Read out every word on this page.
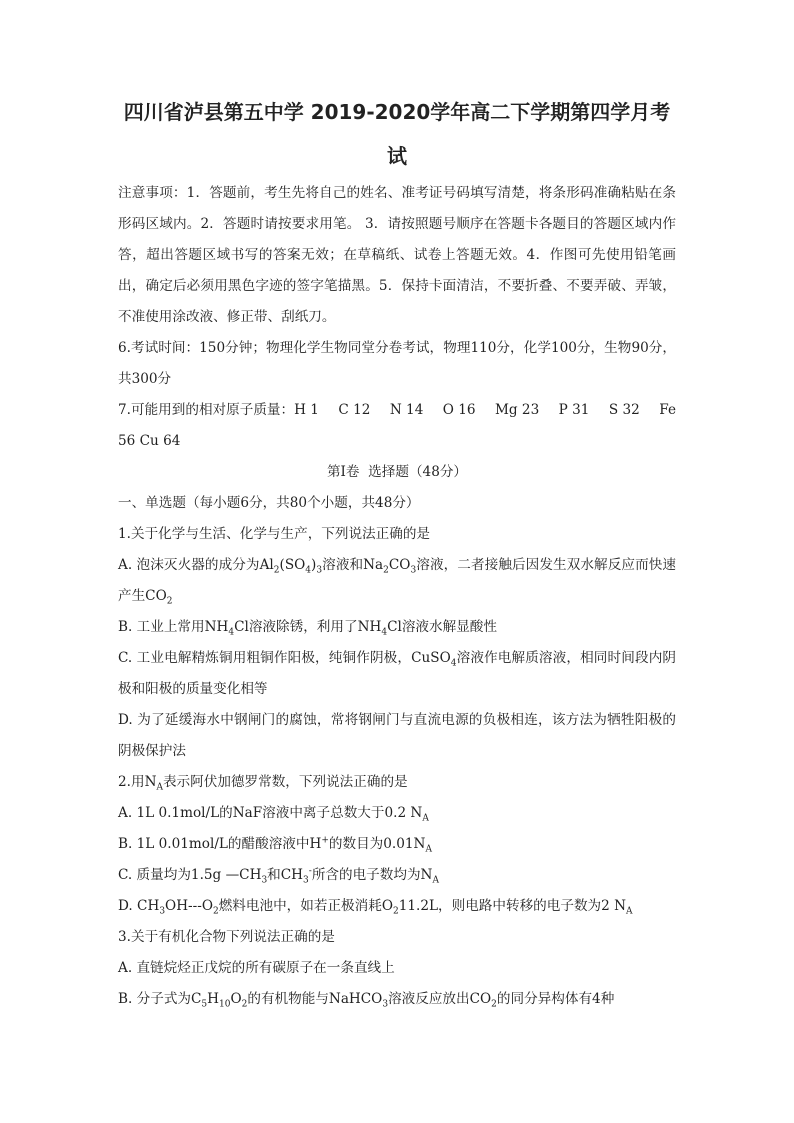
四川省泸县第五中学 2019-2020学年高二下学期第四学月考试
注意事项：1．答题前，考生先将自己的姓名、准考证号码填写清楚，将条形码准确粘贴在条形码区域内。2．答题时请按要求用笔。 3．请按照题号顺序在答题卡各题目的答题区域内作答，超出答题区域书写的答案无效；在草稿纸、试卷上答题无效。4．作图可先使用铅笔画出，确定后必须用黑色字迹的签字笔描黑。5．保持卡面清洁，不要折叠、不要弄破、弄皱，不准使用涂改液、修正带、刮纸刀。
6.考试时间：150分钟；物理化学生物同堂分卷考试，物理110分，化学100分，生物90分，共300分
7.可能用到的相对原子质量：H 1 C 12 N 14 O 16 Mg 23 P 31 S 32 Fe
56 Cu 64
第I卷  选择题（48分）
一、单选题（每小题6分，共80个小题，共48分）
1.关于化学与生活、化学与生产，下列说法正确的是
A. 泡沫灭火器的成分为$Al_2(SO_4)_3$溶液和$Na_2CO_3$溶液，二者接触后因发生双水解反应而快速产生$CO_2$
B. 工业上常用$NH_4Cl$溶液除锈，利用了$NH_4Cl$溶液水解显酸性
C. 工业电解精炼铜用粗铜作阳极，纯铜作阴极，CuSO$_4$溶液作电解质溶液，相同时间段内阴极和阳极的质量变化相等
D. 为了延缓海水中钢闸门的腐蚀，常将钢闸门与直流电源的负极相连，该方法为牺牲阳极的阴极保护法
2.用$N_A$表示阿伏加德罗常数，下列说法正确的是
A. 1L 0.1mol/L的NaF溶液中离子总数大于0.2 $N_A$
B. 1L 0.01mol/L的醋酸溶液中H+的数目为$0.01N_A$
C. 质量均为1.5g $—CH_3$和$CH_3^-$所含的电子数均为$N_A$
D. $CH_3OH---O_2$燃料电池中，如若正极消耗$O_211.2L$，则电路中转移的电子数为2 $N_A$
3.关于有机化合物下列说法正确的是
A. 直链烷烃正戊烷的所有碳原子在一条直线上
B. 分子式为$C_5H_{10}O_2$的有机物能与NaHCO$_3$溶液反应放出$CO_2$的同分异构体有4种
